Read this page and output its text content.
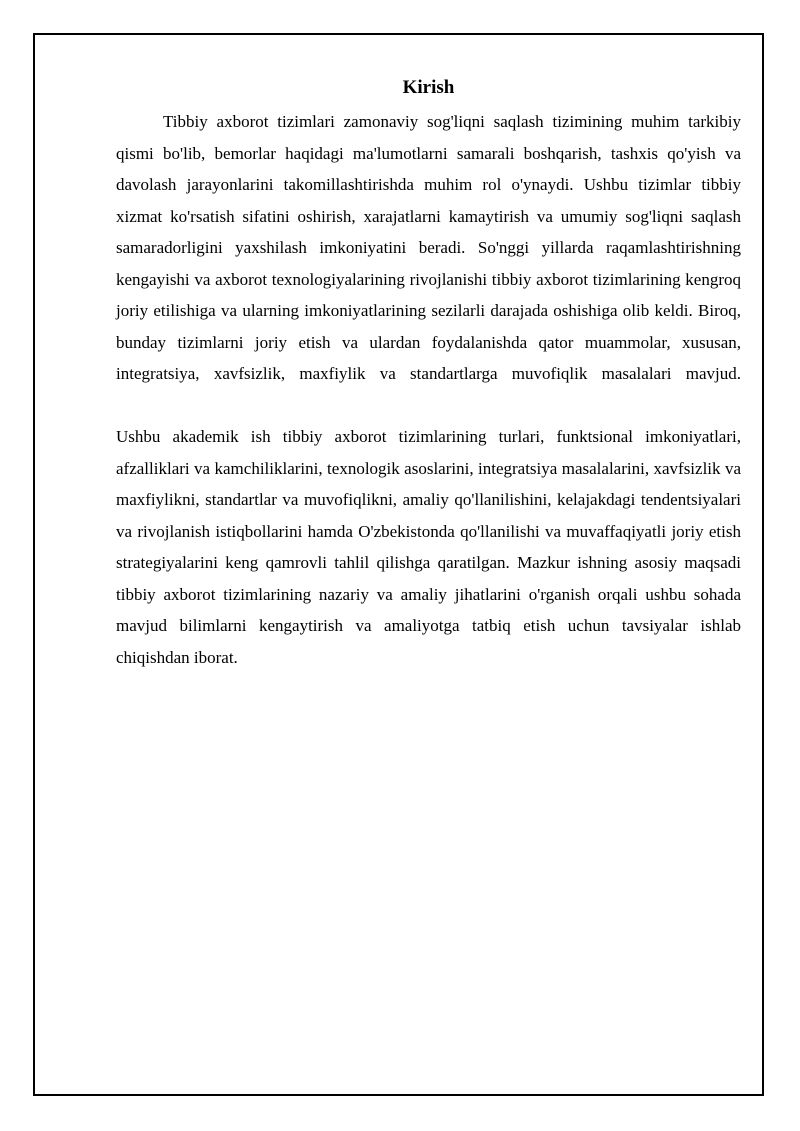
Kirish

Tibbiy axborot tizimlari zamonaviy sog'liqni saqlash tizimining muhim tarkibiy qismi bo'lib, bemorlar haqidagi ma'lumotlarni samarali boshqarish, tashxis qo'yish va davolash jarayonlarini takomillashtirishda muhim rol o'ynaydi. Ushbu tizimlar tibbiy xizmat ko'rsatish sifatini oshirish, xarajatlarni kamaytirish va umumiy sog'liqni saqlash samaradorligini yaxshilash imkoniyatini beradi. So'nggi yillarda raqamlashtirishning kengayishi va axborot texnologiyalarining rivojlanishi tibbiy axborot tizimlarining kengroq joriy etilishiga va ularning imkoniyatlarining sezilarli darajada oshishiga olib keldi. Biroq, bunday tizimlarni joriy etish va ulardan foydalanishda qator muammolar, xususan, integratsiya, xavfsizlik, maxfiylik va standartlarga muvofiqlik masalalari mavjud.

Ushbu akademik ish tibbiy axborot tizimlarining turlari, funktsional imkoniyatlari, afzalliklari va kamchiliklarini, texnologik asoslarini, integratsiya masalalarini, xavfsizlik va maxfiylikni, standartlar va muvofiqlikni, amaliy qo'llanilishini, kelajakdagi tendentsiyalari va rivojlanish istiqbollarini hamda O'zbekistonda qo'llanilishi va muvaffaqiyatli joriy etish strategiyalarini keng qamrovli tahlil qilishga qaratilgan. Mazkur ishning asosiy maqsadi tibbiy axborot tizimlarining nazariy va amaliy jihatlarini o'rganish orqali ushbu sohada mavjud bilimlarni kengaytirish va amaliyotga tatbiq etish uchun tavsiyalar ishlab chiqishdan iborat.
